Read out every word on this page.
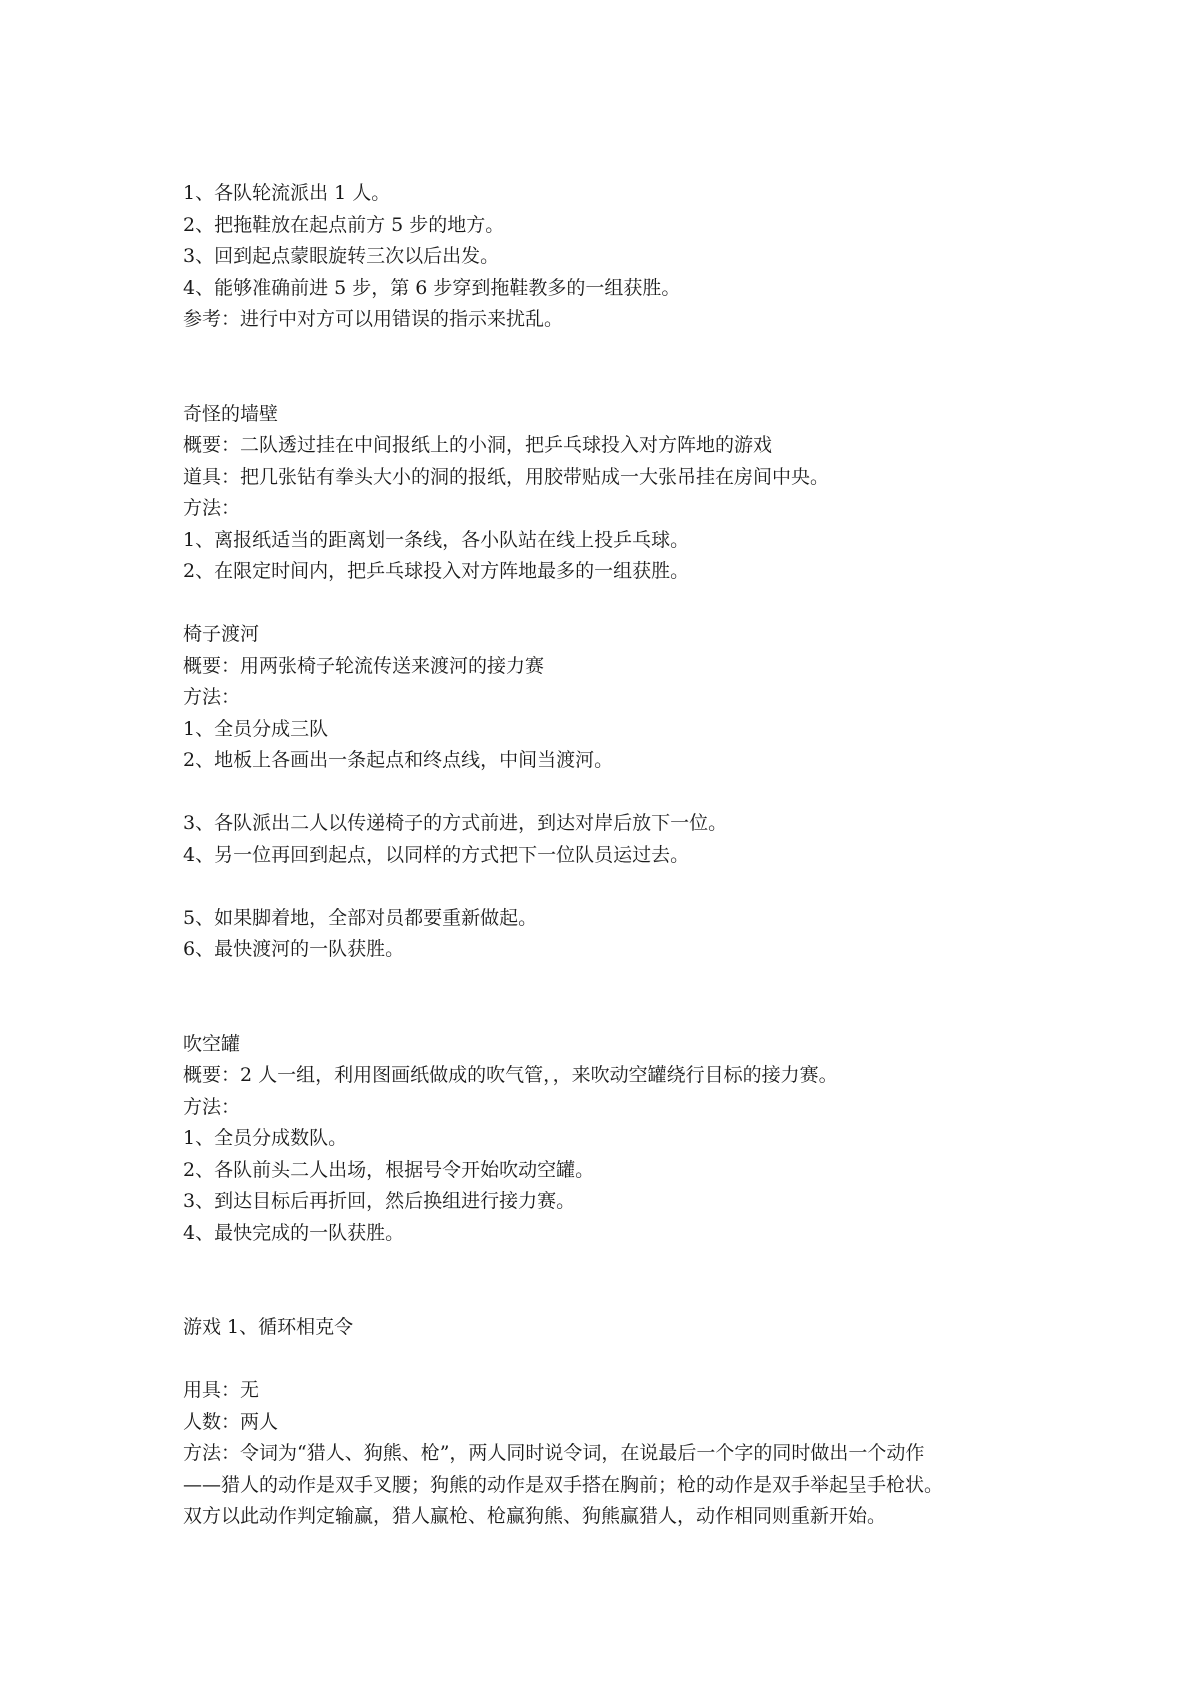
1、各队轮流派出 1 人。
2、把拖鞋放在起点前方 5 步的地方。
3、回到起点蒙眼旋转三次以后出发。
4、能够准确前进 5 步，第 6 步穿到拖鞋教多的一组获胜。
参考：进行中对方可以用错误的指示来扰乱。
奇怪的墙壁
概要：二队透过挂在中间报纸上的小洞，把乒乓球投入对方阵地的游戏
道具：把几张钻有拳头大小的洞的报纸，用胶带贴成一大张吊挂在房间中央。
方法：
1、离报纸适当的距离划一条线，各小队站在线上投乒乓球。
2、在限定时间内，把乒乓球投入对方阵地最多的一组获胜。
椅子渡河
概要：用两张椅子轮流传送来渡河的接力赛
方法：
1、全员分成三队
2、地板上各画出一条起点和终点线，中间当渡河。
3、各队派出二人以传递椅子的方式前进，到达对岸后放下一位。
4、另一位再回到起点，以同样的方式把下一位队员运过去。
5、如果脚着地，全部对员都要重新做起。
6、最快渡河的一队获胜。
吹空罐
概要：2 人一组，利用图画纸做成的吹气管，，来吹动空罐绕行目标的接力赛。
方法：
1、全员分成数队。
2、各队前头二人出场，根据号令开始吹动空罐。
3、到达目标后再折回，然后换组进行接力赛。
4、最快完成的一队获胜。
游戏 1、循环相克令
用具：无
人数：两人
方法：令词为“猎人、狗熊、枪”，两人同时说令词，在说最后一个字的同时做出一个动作
——猎人的动作是双手叉腰；狗熊的动作是双手搭在胸前；枪的动作是双手举起呈手枪状。
双方以此动作判定输赢，猎人赢枪、枪赢狗熊、狗熊赢猎人，动作相同则重新开始。
